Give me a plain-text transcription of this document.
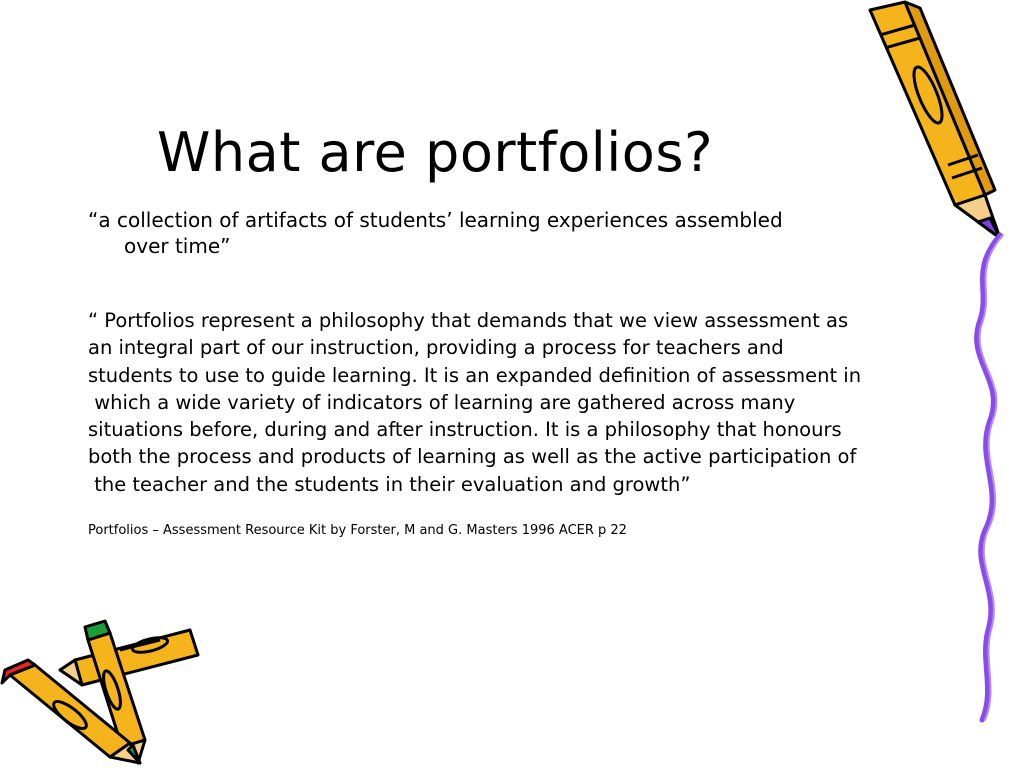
What are portfolios?
“a collection of artifacts of students’ learning experiences assembled
over time”
“ Portfolios represent a philosophy that demands that we view assessment as
an integral part of our instruction, providing a process for teachers and
students to use to guide learning. It is an expanded definition of assessment in
which a wide variety of indicators of learning are gathered across many
situations before, during and after instruction. It is a philosophy that honours
both the process and products of learning as well as the active participation of
the teacher and the students in their evaluation and growth”
Portfolios – Assessment Resource Kit by Forster, M and G. Masters 1996 ACER p 22
